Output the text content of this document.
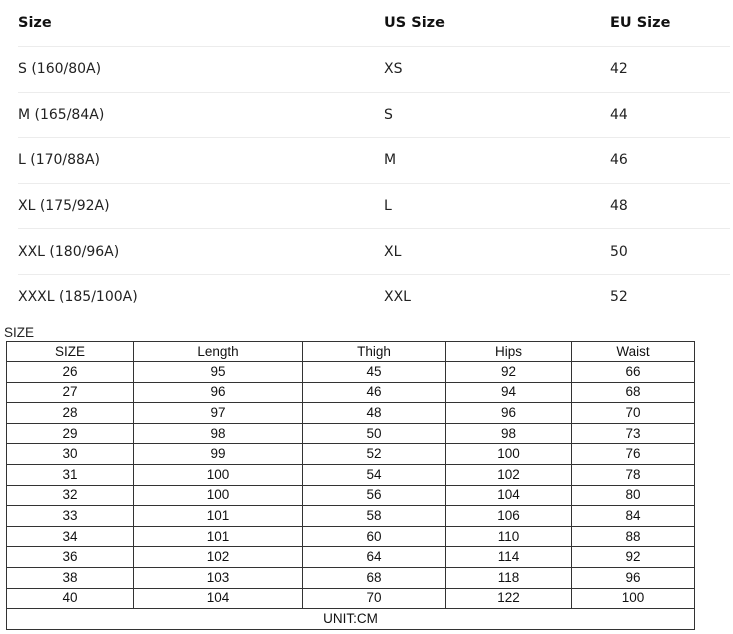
Size	US Size	EU Size
S (160/80A)	XS	42
M (165/84A)	S	44
L (170/88A)	M	46
XL (175/92A)	L	48
XXL (180/96A)	XL	50
XXXL (185/100A)	XXL	52
SIZE
SIZE	Length	Thigh	Hips	Waist
26	95	45	92	66
27	96	46	94	68
28	97	48	96	70
29	98	50	98	73
30	99	52	100	76
31	100	54	102	78
32	100	56	104	80
33	101	58	106	84
34	101	60	110	88
36	102	64	114	92
38	103	68	118	96
40	104	70	122	100
UNIT:CM				
